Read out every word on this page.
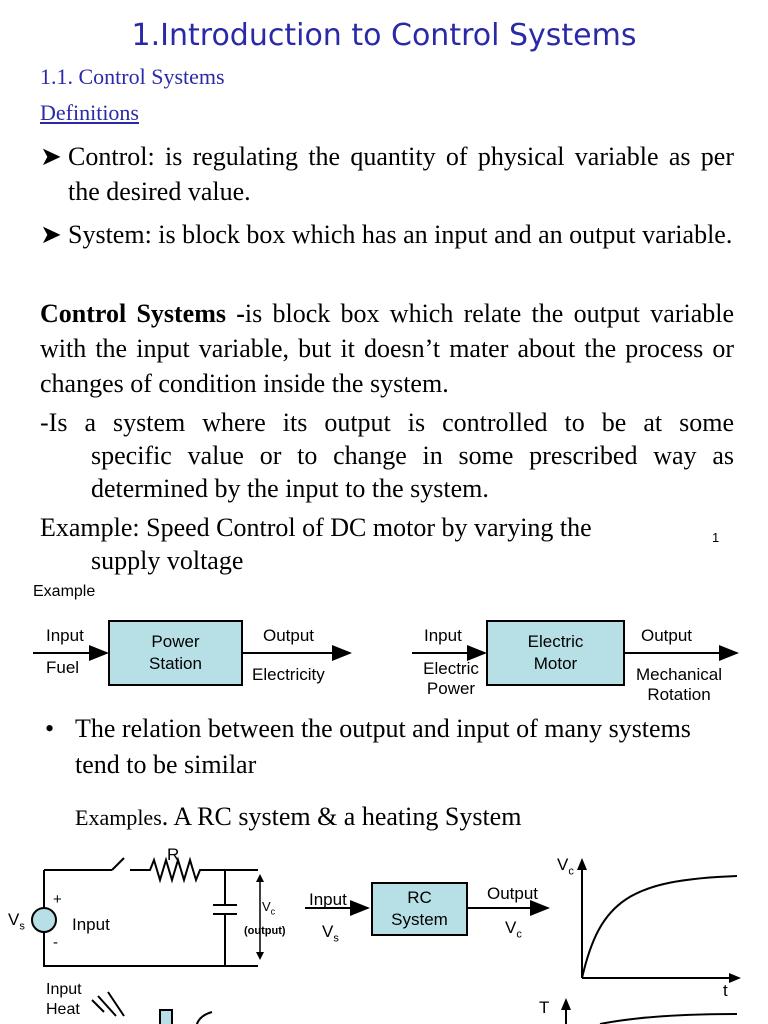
1.Introduction to Control Systems
1.1. Control Systems
Definitions
➤ Control: is regulating the quantity of physical variable as per the desired value.
➤ System: is block box which has an input and an output variable.
Control Systems -is block box which relate the output variable with the input variable, but it doesn’t mater about the process or changes of condition inside the system.
-Is a system where its output is controlled to be at some
specific value or to change in some prescribed way as
determined by the input to the system.
Example: Speed Control of DC motor by varying the
supply voltage
1
Example
Input
Fuel
Power
Station
Output
Electricity
Input
Electric
Power
Electric
Motor
Output
Mechanical
Rotation
• The relation between the output and input of many systems tend to be similar
Examples. A RC system & a heating System
R
$V_s$
+
-
Input
$V_c$
(output)
Input
$V_s$
RC
System
Output
$V_c$
$V_c$
t
Input
Heat	T
